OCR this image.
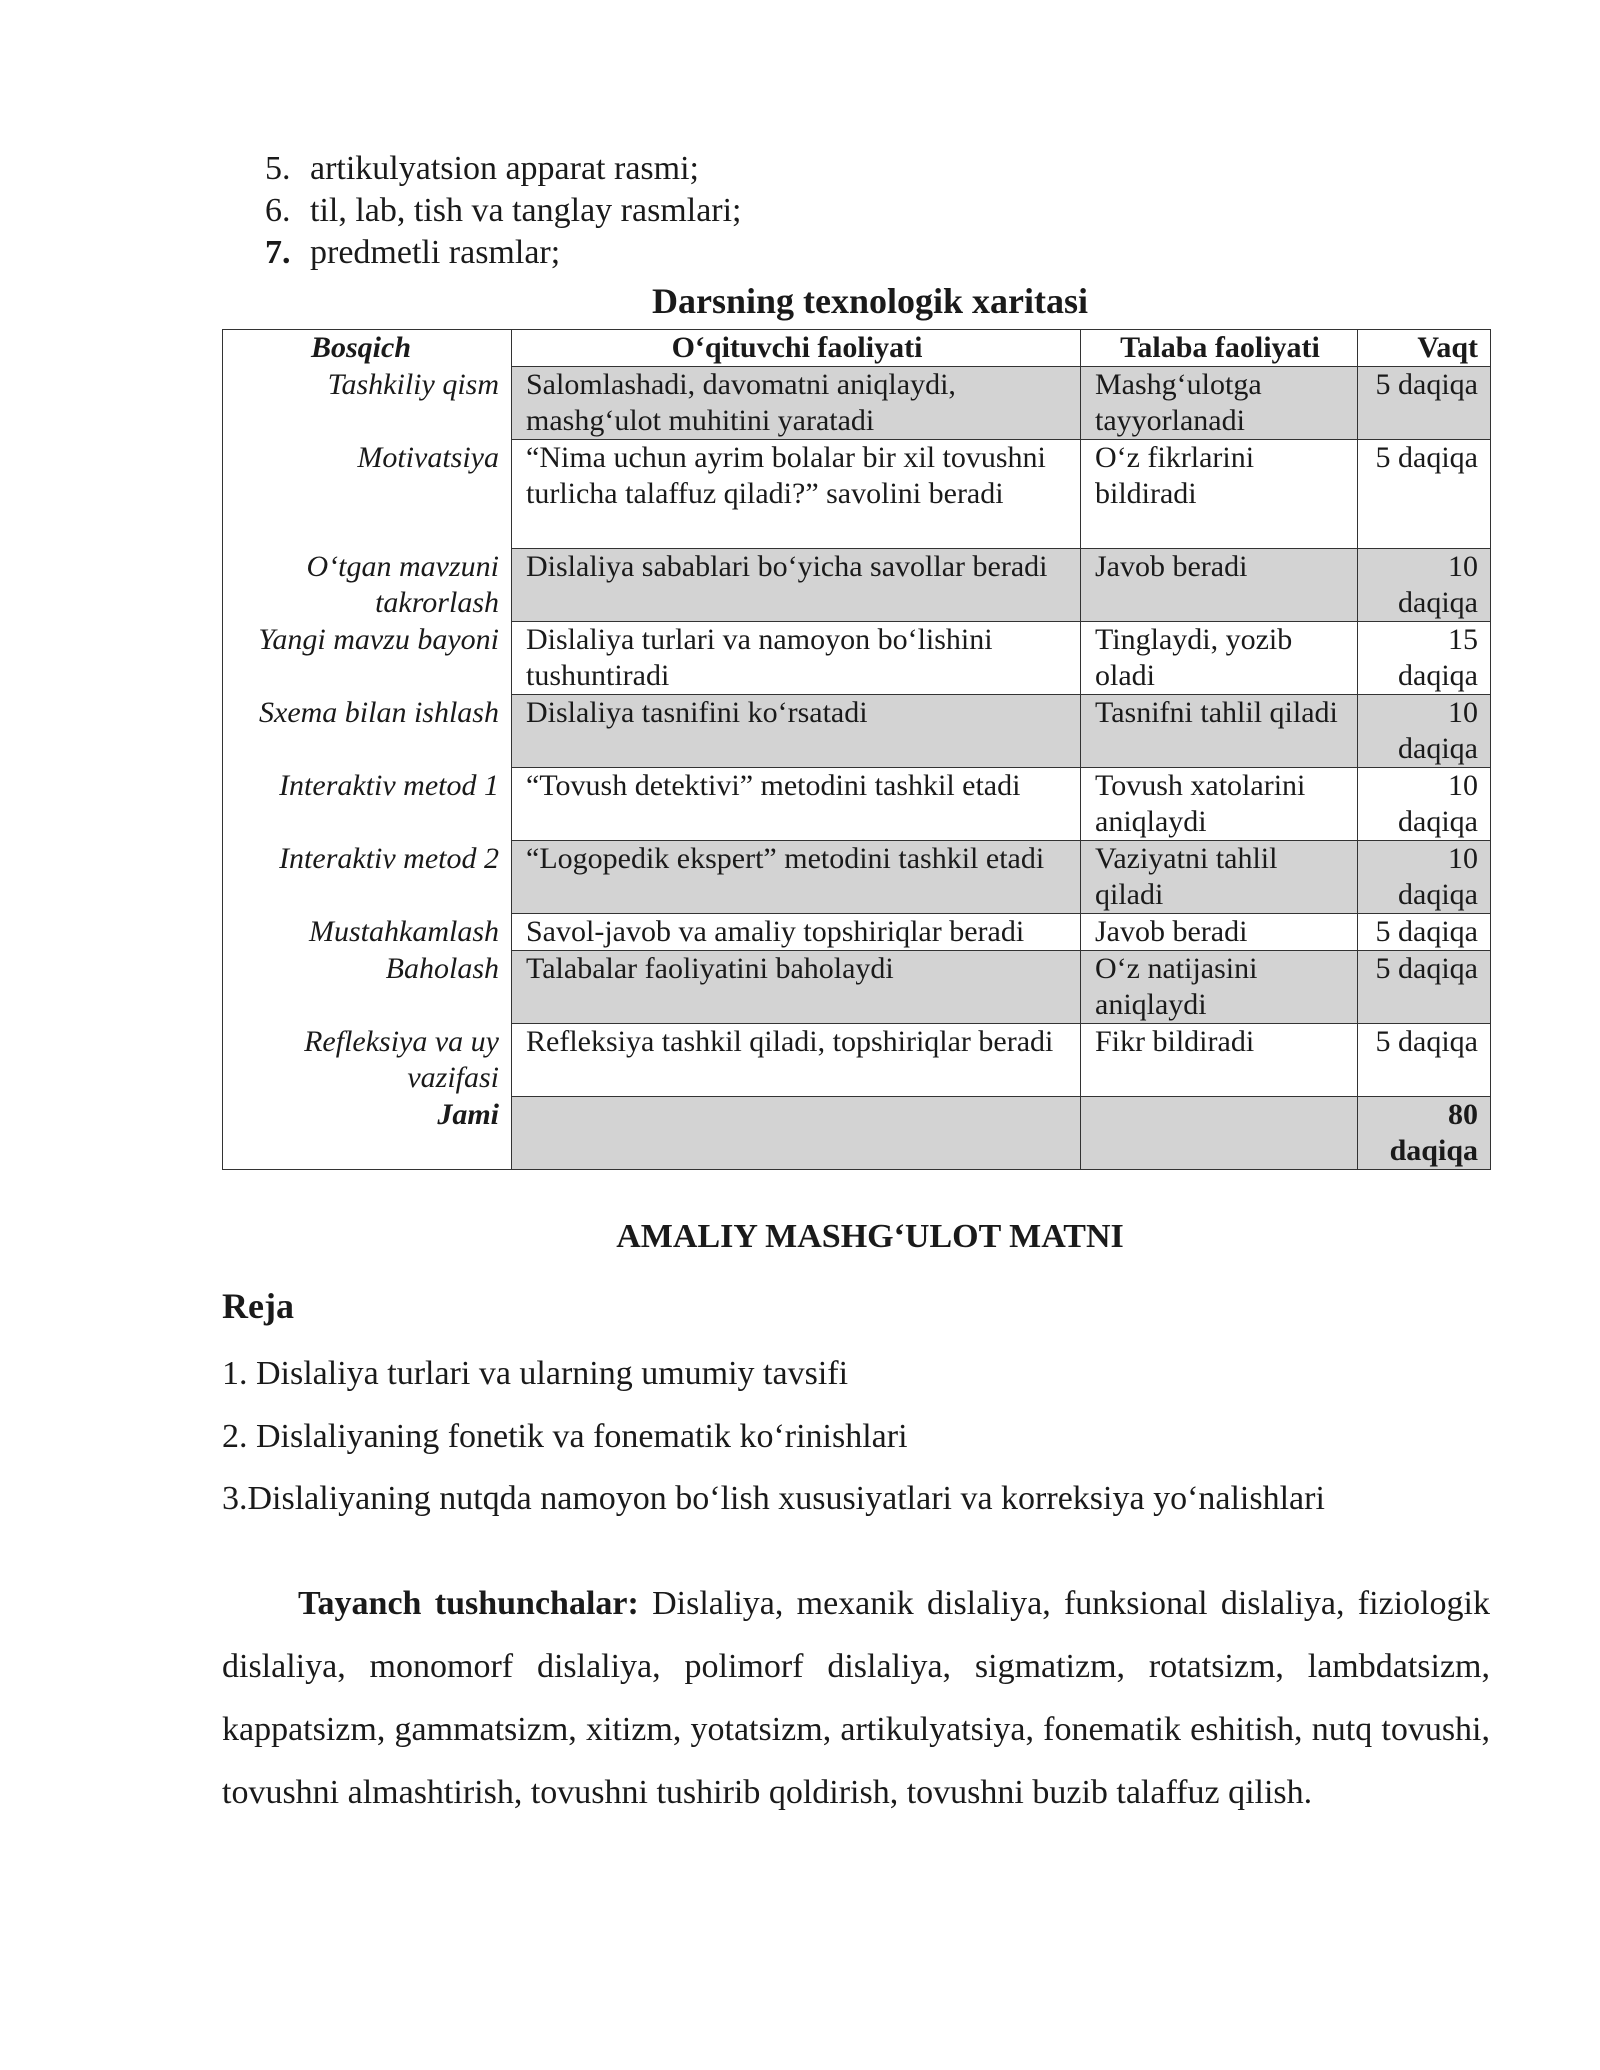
5. artikulyatsion apparat rasmi;
6. til, lab, tish va tanglay rasmlari;
7. predmetli rasmlar;
Darsning texnologik xaritasi
Bosqich	O‘qituvchi faoliyati	Talaba faoliyati	Vaqt
Tashkiliy qism	Salomlashadi, davomatni aniqlaydi, mashg‘ulot muhitini yaratadi	Mashg‘ulotga tayyorlanadi	5 daqiqa
Motivatsiya	“Nima uchun ayrim bolalar bir xil tovushni turlicha talaffuz qiladi?” savolini beradi	O‘z fikrlarini bildiradi	5 daqiqa
O‘tgan mavzuni takrorlash	Dislaliya sabablari bo‘yicha savollar beradi	Javob beradi	10 daqiqa
Yangi mavzu bayoni	Dislaliya turlari va namoyon bo‘lishini tushuntiradi	Tinglaydi, yozib oladi	15 daqiqa
Sxema bilan ishlash	Dislaliya tasnifini ko‘rsatadi	Tasnifni tahlil qiladi	10 daqiqa
Interaktiv metod 1	“Tovush detektivi” metodini tashkil etadi	Tovush xatolarini aniqlaydi	10 daqiqa
Interaktiv metod 2	“Logopedik ekspert” metodini tashkil etadi	Vaziyatni tahlil qiladi	10 daqiqa
Mustahkamlash	Savol-javob va amaliy topshiriqlar beradi	Javob beradi	5 daqiqa
Baholash	Talabalar faoliyatini baholaydi	O‘z natijasini aniqlaydi	5 daqiqa
Refleksiya va uy vazifasi	Refleksiya tashkil qiladi, topshiriqlar beradi	Fikr bildiradi	5 daqiqa
Jami			80 daqiqa
AMALIY MASHG‘ULOT MATNI
Reja
1. Dislaliya turlari va ularning umumiy tavsifi
2. Dislaliyaning fonetik va fonematik ko‘rinishlari
3.Dislaliyaning nutqda namoyon bo‘lish xususiyatlari va korreksiya yo‘nalishlari

Tayanch tushunchalar: Dislaliya, mexanik dislaliya, funksional dislaliya, fiziologik dislaliya, monomorf dislaliya, polimorf dislaliya, sigmatizm, rotatsizm, lambdatsizm, kappatsizm, gammatsizm, xitizm, yotatsizm, artikulyatsiya, fonematik eshitish, nutq tovushi, tovushni almashtirish, tovushni tushirib qoldirish, tovushni buzib talaffuz qilish.
